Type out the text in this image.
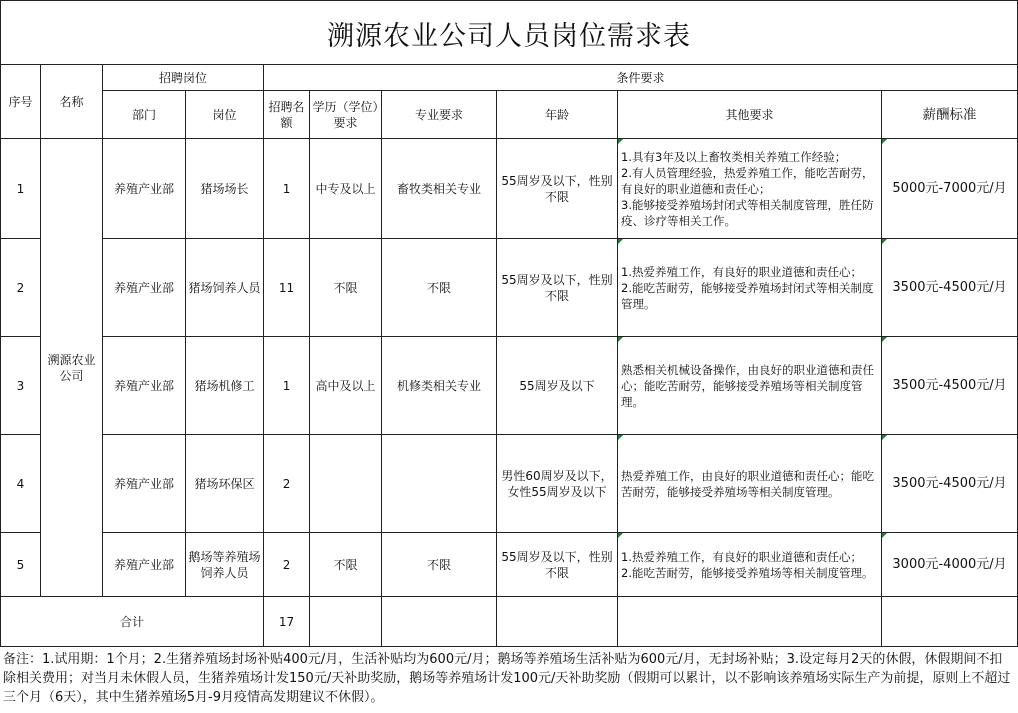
溯源农业公司人员岗位需求表
序号	名称	招聘岗位		条件要求					
		部门	岗位	招聘名额	学历（学位）要求	专业要求	年龄	其他要求	薪酬标准
1	溯源农业公司	养殖产业部	猪场场长	1	中专及以上	畜牧类相关专业	55周岁及以下，性别不限	1.具有3年及以上畜牧类相关养殖工作经验；
2.有人员管理经验，热爱养殖工作，能吃苦耐劳，有良好的职业道德和责任心；
3.能够接受养殖场封闭式等相关制度管理，胜任防疫、诊疗等相关工作。	5000元-7000元/月
2		养殖产业部	猪场饲养人员	11	不限	不限	55周岁及以下，性别不限	1.热爱养殖工作，有良好的职业道德和责任心；
2.能吃苦耐劳，能够接受养殖场封闭式等相关制度管理。	3500元-4500元/月
3		养殖产业部	猪场机修工	1	高中及以上	机修类相关专业	55周岁及以下	熟悉相关机械设备操作，由良好的职业道德和责任心；能吃苦耐劳，能够接受养殖场等相关制度管理。	3500元-4500元/月
4		养殖产业部	猪场环保区	2			男性60周岁及以下，女性55周岁及以下	热爱养殖工作，由良好的职业道德和责任心；能吃苦耐劳，能够接受养殖场等相关制度管理。	3500元-4500元/月
5		养殖产业部	鹅场等养殖场饲养人员	2	不限	不限	55周岁及以下，性别不限	1.热爱养殖工作，有良好的职业道德和责任心；
2.能吃苦耐劳，能够接受养殖场等相关制度管理。	3000元-4000元/月
合计				17					
备注：1.试用期：1个月；2.生猪养殖场封场补贴400元/月，生活补贴均为600元/月；鹅场等养殖场生活补贴为600元/月，无封场补贴；3.设定每月2天的休假，休假期间不扣除相关费用；对当月未休假人员，生猪养殖场计发150元/天补助奖励，鹅场等养殖场计发100元/天补助奖励（假期可以累计，以不影响该养殖场实际生产为前提，原则上不超过三个月（6天），其中生猪养殖场5月-9月疫情高发期建议不休假）。
